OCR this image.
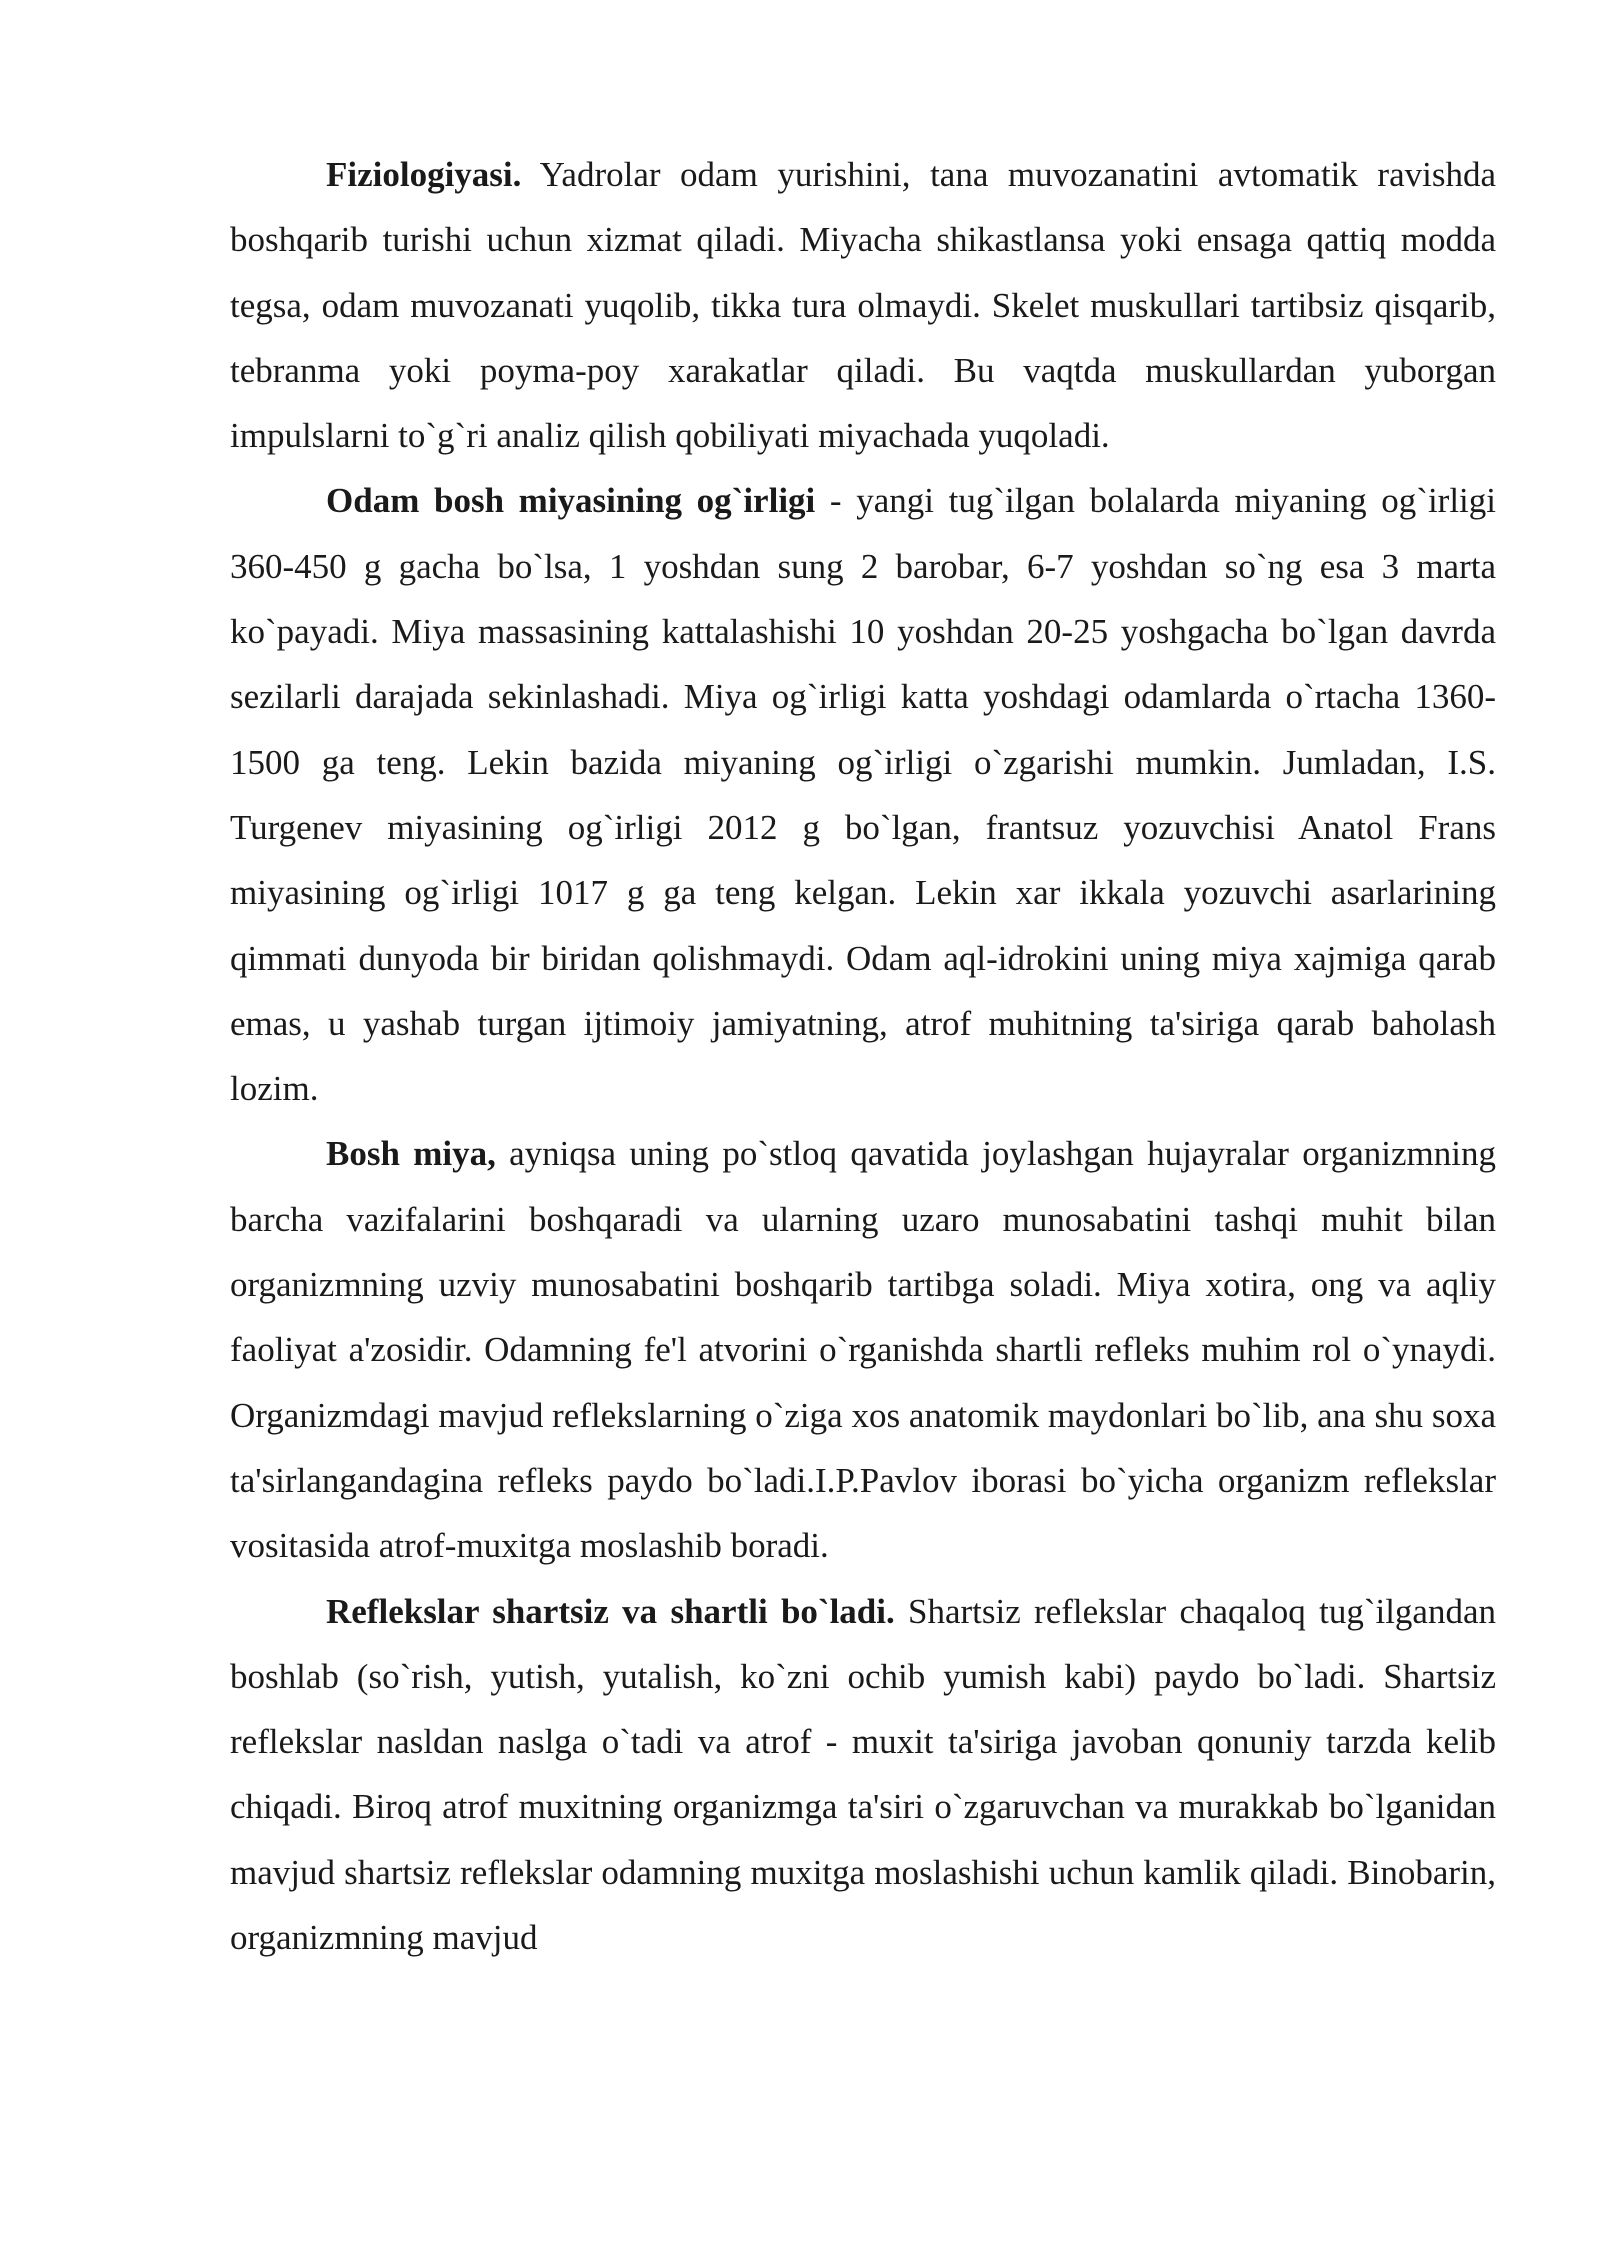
Fiziologiyasi. Yadrolar odam yurishini, tana muvozanatini avtomatik ravishda boshqarib turishi uchun xizmat qiladi. Miyacha shikastlansa yoki ensaga qattiq modda tegsa, odam muvozanati yuqolib, tikka tura olmaydi. Skelet muskullari tartibsiz qisqarib, tebranma yoki poyma-poy xarakatlar qiladi. Bu vaqtda muskullardan yuborgan impulslarni to`g`ri analiz qilish qobiliyati miyachada yuqoladi.

Odam bosh miyasining og`irligi - yangi tug`ilgan bolalarda miyaning og`irligi 360-450 g gacha bo`lsa, 1 yoshdan sung 2 barobar, 6-7 yoshdan so`ng esa 3 marta ko`payadi. Miya massasining kattalashishi 10 yoshdan 20-25 yoshgacha bo`lgan davrda sezilarli darajada sekinlashadi. Miya og`irligi katta yoshdagi odamlarda o`rtacha 1360-1500 ga teng. Lekin bazida miyaning og`irligi o`zgarishi mumkin. Jumladan, I.S. Turgenev miyasining og`irligi 2012 g bo`lgan, frantsuz yozuvchisi Anatol Frans miyasining og`irligi 1017 g ga teng kelgan. Lekin xar ikkala yozuvchi asarlarining qimmati dunyoda bir biridan qolishmaydi. Odam aql-idrokini uning miya xajmiga qarab emas, u yashab turgan ijtimoiy jamiyatning, atrof muhitning ta'siriga qarab baholash lozim.

Bosh miya, ayniqsa uning po`stloq qavatida joylashgan hujayralar organizmning barcha vazifalarini boshqaradi va ularning uzaro munosabatini tashqi muhit bilan organizmning uzviy munosabatini boshqarib tartibga soladi. Miya xotira, ong va aqliy faoliyat a'zosidir. Odamning fe'l atvorini o`rganishda shartli refleks muhim rol o`ynaydi. Organizmdagi mavjud reflekslarning o`ziga xos anatomik maydonlari bo`lib, ana shu soxa ta'sirlangandagina refleks paydo bo`ladi.I.P.Pavlov iborasi bo`yicha organizm reflekslar vositasida atrof-muxitga moslashib boradi.

Reflekslar shartsiz va shartli bo`ladi. Shartsiz reflekslar chaqaloq tug`ilgandan boshlab (so`rish, yutish, yutalish, ko`zni ochib yumish kabi) paydo bo`ladi. Shartsiz reflekslar nasldan naslga o`tadi va atrof - muxit ta'siriga javoban qonuniy tarzda kelib chiqadi. Biroq atrof muxitning organizmga ta'siri o`zgaruvchan va murakkab bo`lganidan mavjud shartsiz reflekslar odamning muxitga moslashishi uchun kamlik qiladi. Binobarin, organizmning mavjud
